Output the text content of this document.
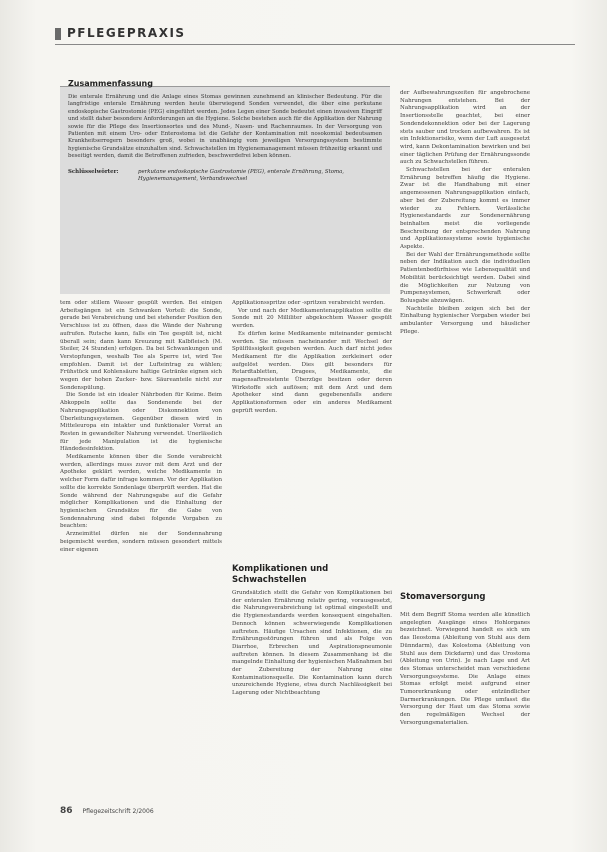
PFLEGEPRAXIS
Zusammenfassung

Die enterale Ernährung und die Anlage eines Stomas gewinnen zunehmend an klinischer Bedeutung. Für die langfristige enterale Ernährung werden heute überwiegend Sonden verwendet, die über eine perkutane endoskopische Gastrostomie (PEG) eingeführt werden. Jedes Legen einer Sonde bedeutet einen invasiven Eingriff und stellt daher besondere Anforderungen an die Hygiene. Solche bestehen auch für die Applikation der Nahrung sowie für die Pflege des Insertionsortes und des Mund-, Nasen- und Rachenraumes. In der Versorgung von Patienten mit einem Uro- oder Enterostoma ist die Gefahr der Kontamination mit nosokomial bedeutsamen Krankheitserregern besonders groß, wobei in unabhängig vom jeweiligen Versorgungssystem bestimmte hygienische Grundsätze einzuhalten sind. Schwachstellen im Hygienemanagement müssen frühzeitig erkannt und beseitigt werden, damit die Betroffenen zufrieden, beschwerdefrei leben können.

Schlüsselwörter:	perkutane endoskopische Gastrostomie (PEG), enterale Ernährung, Stoma, Hygienemanagement, Verbandswechsel

der Aufbewahrungszeiten für angebrochene Nahrungen entstehen. Bei der Nahrungsapplikation wird an der Insertionsstelle geachtet, bei einer Sondendekonnektion oder bei der Lagerung stets sauber und trocken aufbewahren. Es ist ein Infektionsrisiko, wenn der Luft ausgesetzt wird, kann Dekontamination bewirken und bei einer täglichen Prüfung der Ernährungssonde auch zu Schwachstellen führen.

Schwachstellen bei der enteralen Ernährung betreffen häufig die Hygiene. Zwar ist die Handhabung mit einer angemessenen Nahrungsapplikation einfach, aber bei der Zubereitung kommt es immer wieder zu Fehlern. Verlässliche Hygienestandards zur Sondenernährung beinhalten meist die vorliegende Beschreibung der entsprechenden Nahrung und Applikationssysteme sowie hygienische Aspekte.

Bei der Wahl der Ernährungsmethode sollte neben der Indikation auch die individuellen Patientenbedürfnisse wie Lebensqualität und Mobilität berücksichtigt werden. Dabei sind die Möglichkeiten zur Nutzung von Pumpensystemen, Schwerkraft oder Bolusgabe abzuwägen.

Nachteile bleiben zeigen sich bei der Einhaltung hygienischer Vorgaben wieder bei ambulanter Versorgung und häuslicher Pflege.

tem oder stillem Wasser gespült werden. Bei einigen Arbeitsgängen ist ein Schwanken Vorteil: die Sonde, gerade bei Verabreichung und bei stehender Position den Verschluss ist zu öffnen, dass die Wände der Nahrung aufrufen. Rutsche kann, falls ein Tee gespült ist, nicht überall sein; dann kann Kreuzung mit Kalbfleisch (M. Steiler, 24 Stunden) erfolgen. Da bei Schwankungen und Verstopfungen, weshalb Tee als Sperre ist, wird Tee empfohlen. Damit ist der Lufteintrag zu wählen; Frühstück und Kohlensäure haltige Getränke eignen sich wegen der hohen Zucker- bzw. Säureanteile nicht zur Sondenspülung.

Die Sonde ist ein idealer Nährboden für Keime. Beim Abkoppeln sollte das Sondenende bei der Nahrungsapplikation oder Diskonnektion von Überleitungssystemen. Gegenüber diesen wird in Mitteleuropa ein intakter und funktionaler Vorrat an Resten in gewandelter Nahrung verwendet. Unerlässlich für jede Manipulation ist die hygienische Händedesinfektion.

Medikamente können über die Sonde verabreicht werden, allerdings muss zuvor mit dem Arzt und der Apotheke geklärt werden, welche Medikamente in welcher Form dafür infrage kommen. Vor der Applikation sollte die korrekte Sondenlage überprüft werden. Hat die Sonde während der Nahrungsgabe auf die Gefahr möglicher Komplikationen und die Einhaltung der hygienischen Grundsätze für die Gabe von Sondennahrung sind dabei folgende Vorgaben zu beachten:

Arzneimittel dürfen nie der Sondennahrung beigemischt werden, sondern müssen gesondert mittels einer eigenen

Applikationsspritze oder -spritzen verabreicht werden.

Vor und nach der Medikamentenapplikation sollte die Sonde mit 20 Milliliter abgekochtem Wasser gespült werden.

Es dürfen keine Medikamente miteinander gemischt werden. Sie müssen nacheinander mit Wechsel der Spülflüssigkeit gegeben werden. Auch darf nicht jedes Medikament für die Applikation zerkleinert oder aufgelöst werden. Dies gilt besonders für Retardtabletten, Dragees, Medikamente, die magensaftresistente Überzüge besitzen oder deren Wirkstoffe sich auflösen; mit dem Arzt und dem Apotheker sind dann gegebenenfalls andere Applikationsformen oder ein anderes Medikament geprüft werden.

Komplikationen und Schwachstellen

Grundsätzlich stellt die Gefahr von Komplikationen bei der enteralen Ernährung relativ gering, vorausgesetzt, die Nahrungsverabreichung ist optimal eingestellt und die Hygienestandards werden konsequent eingehalten. Dennoch können schwerwiegende Komplikationen auftreten. Häufige Ursachen sind Infektionen, die zu Ernährungsstörungen führen und als Folge von Diarrhoe, Erbrechen und Aspirationspneumonie auftreten können. In diesem Zusammenhang ist die mangelnde Einhaltung der hygienischen Maßnahmen bei der Zubereitung der Nahrung eine Kontaminationsquelle. Die Kontamination kann durch unzureichende Hygiene, etwa durch Nachlässigkeit bei Lagerung oder Nichtbeachtung

Stomaversorgung

Mit dem Begriff Stoma werden alle künstlich angelegten Ausgänge eines Hohlorganes bezeichnet. Vorwiegend handelt es sich um das Ileostoma (Ableitung von Stuhl aus dem Dünndarm), das Kolostoma (Ableitung von Stuhl aus dem Dickdarm) und das Urostoma (Ableitung von Urin). Je nach Lage und Art des Stomas unterscheidet man verschiedene Versorgungssysteme. Die Anlage eines Stomas erfolgt meist aufgrund einer Tumorerkrankung oder entzündlicher Darmerkrankungen. Die Pflege umfasst die Versorgung der Haut um das Stoma sowie den regelmäßigen Wechsel der Versorgungsmaterialien.

86 Pflegezeitschrift 2/2006
